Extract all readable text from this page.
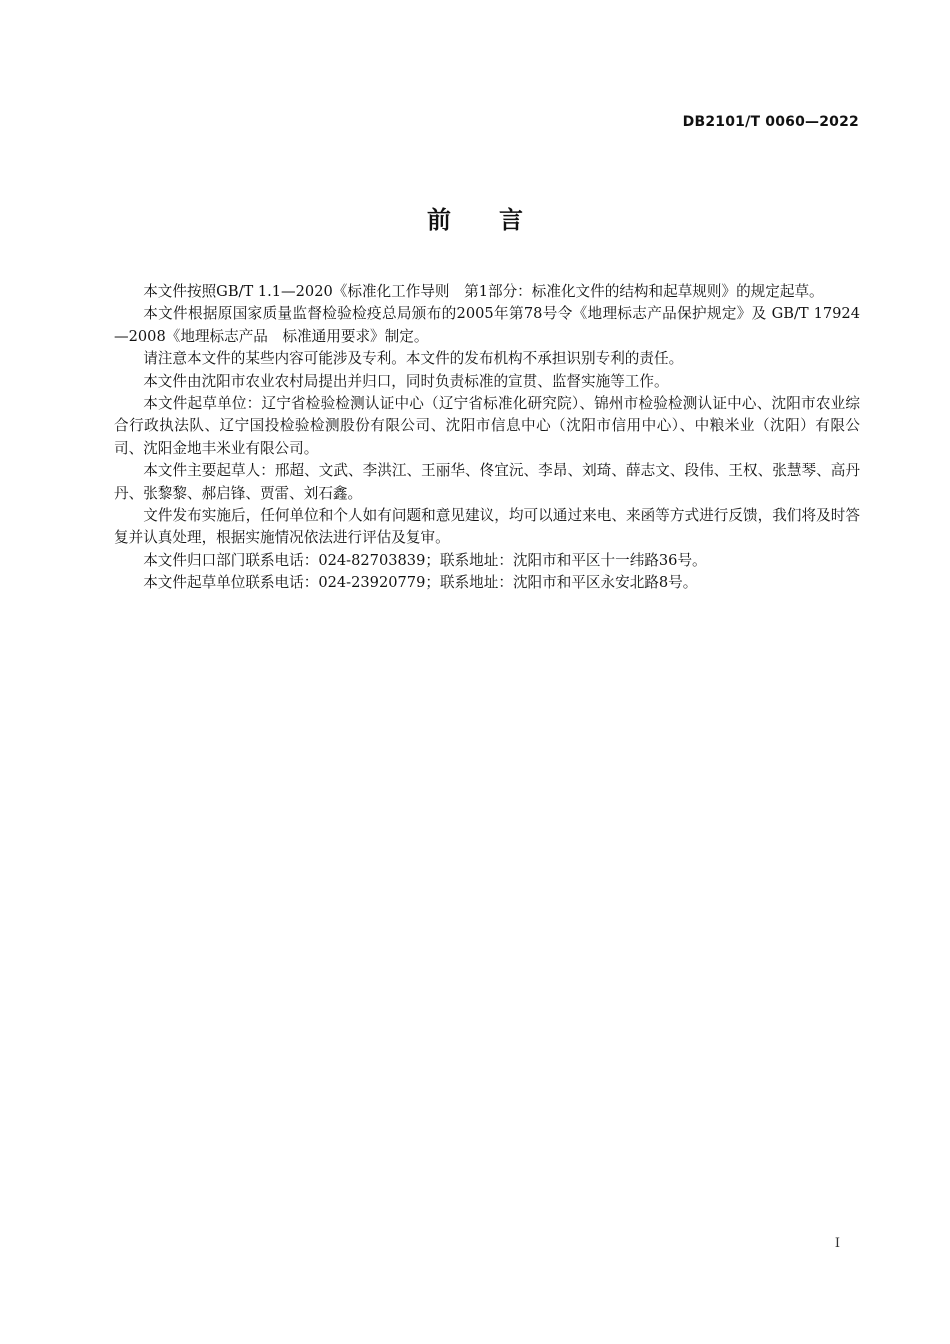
DB2101/T 0060—2022
前言

本文件按照GB/T 1.1—2020《标准化工作导则　第1部分：标准化文件的结构和起草规则》的规定起草。

本文件根据原国家质量监督检验检疫总局颁布的2005年第78号令《地理标志产品保护规定》及 GB/T 17924—2008《地理标志产品　标准通用要求》制定。

请注意本文件的某些内容可能涉及专利。本文件的发布机构不承担识别专利的责任。

本文件由沈阳市农业农村局提出并归口，同时负责标准的宣贯、监督实施等工作。

本文件起草单位：辽宁省检验检测认证中心（辽宁省标准化研究院）、锦州市检验检测认证中心、沈阳市农业综合行政执法队、辽宁国投检验检测股份有限公司、沈阳市信息中心（沈阳市信用中心）、中粮米业（沈阳）有限公司、沈阳金地丰米业有限公司。

本文件主要起草人：邢超、文武、李洪江、王丽华、佟宜沅、李昂、刘琦、薛志文、段伟、王权、张慧琴、高丹丹、张黎黎、郝启锋、贾雷、刘石鑫。

文件发布实施后，任何单位和个人如有问题和意见建议，均可以通过来电、来函等方式进行反馈，我们将及时答复并认真处理，根据实施情况依法进行评估及复审。

本文件归口部门联系电话：024-82703839；联系地址：沈阳市和平区十一纬路36号。

本文件起草单位联系电话：024-23920779；联系地址：沈阳市和平区永安北路8号。

I
